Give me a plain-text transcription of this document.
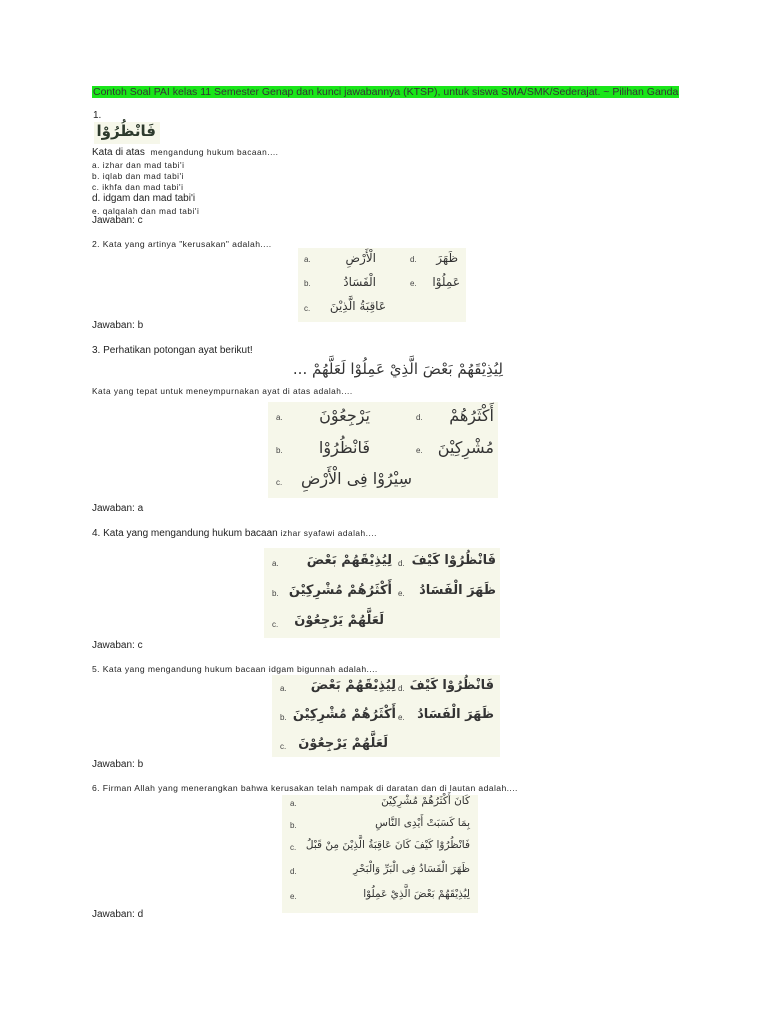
Contoh Soal PAI kelas 11 Semester Genap dan kunci jawabannya (KTSP), untuk siswa SMA/SMK/Sederajat. ~ Pilihan Ganda
1.
فَانْظُرُوْا
Kata di atas mengandung hukum bacaan....
a. izhar dan mad tabi'i
b. iqlab dan mad tabi'i
c. ikhfa dan mad tabi'i
d. idgam dan mad tabi'i
e. qalqalah dan mad tabi'i
Jawaban: c
2. Kata yang artinya "kerusakan" adalah....
a.	الْأَرْضِ
b.	الْفَسَادُ
c.	عَاقِبَةُ الَّذِيْنَ
d.	ظَهَرَ
e.	عَمِلُوْا
Jawaban: b
3. Perhatikan potongan ayat berikut!
لِيُذِيْقَهُمْ بَعْضَ الَّذِيْ عَمِلُوْا لَعَلَّهُمْ ...
Kata yang tepat untuk meneympurnakan ayat di atas adalah....
a.	يَرْجِعُوْنَ
b.	فَانْظُرُوْا
c.	سِيْرُوْا فِى الْأَرْضِ
d.	أَكْثَرُهُمْ
e. مُشْرِكِيْنَ
Jawaban: a
4. Kata yang mengandung hukum bacaan izhar syafawi adalah....
a.	لِيُذِيْقَهُمْ بَعْضَ
b. أَكْثَرُهُمْ مُشْرِكِيْنَ
c.	لَعَلَّهُمْ يَرْجِعُوْنَ
d. فَانْظُرُوْا كَيْفَ
e.	ظَهَرَ الْفَسَادُ
Jawaban: c
5. Kata yang mengandung hukum bacaan idgam bigunnah adalah....
a.	لِيُذِيْقَهُمْ بَعْضَ
b. أَكْثَرُهُمْ مُشْرِكِيْنَ
c. لَعَلَّهُمْ يَرْجِعُوْنَ
d. فَانْظُرُوْا كَيْفَ
e. ظَهَرَ الْفَسَادُ
Jawaban: b
6. Firman Allah yang menerangkan bahwa kerusakan telah nampak di daratan dan di lautan adalah....
a.	كَانَ أَكْثَرُهُمْ مُشْرِكِيْنَ
b.	بِمَا كَسَبَتْ أَيْدِى النَّاسِ
c. فَانْظُرُوْا كَيْفَ كَانَ عَاقِبَةُ الَّذِيْنَ مِنْ قَبْلُ
d.	ظَهَرَ الْفَسَادُ فِى الْبَرِّ وَالْبَحْرِ
e.	لِيُذِيْقَهُمْ بَعْضَ الَّذِيْ عَمِلُوْا
Jawaban: d
